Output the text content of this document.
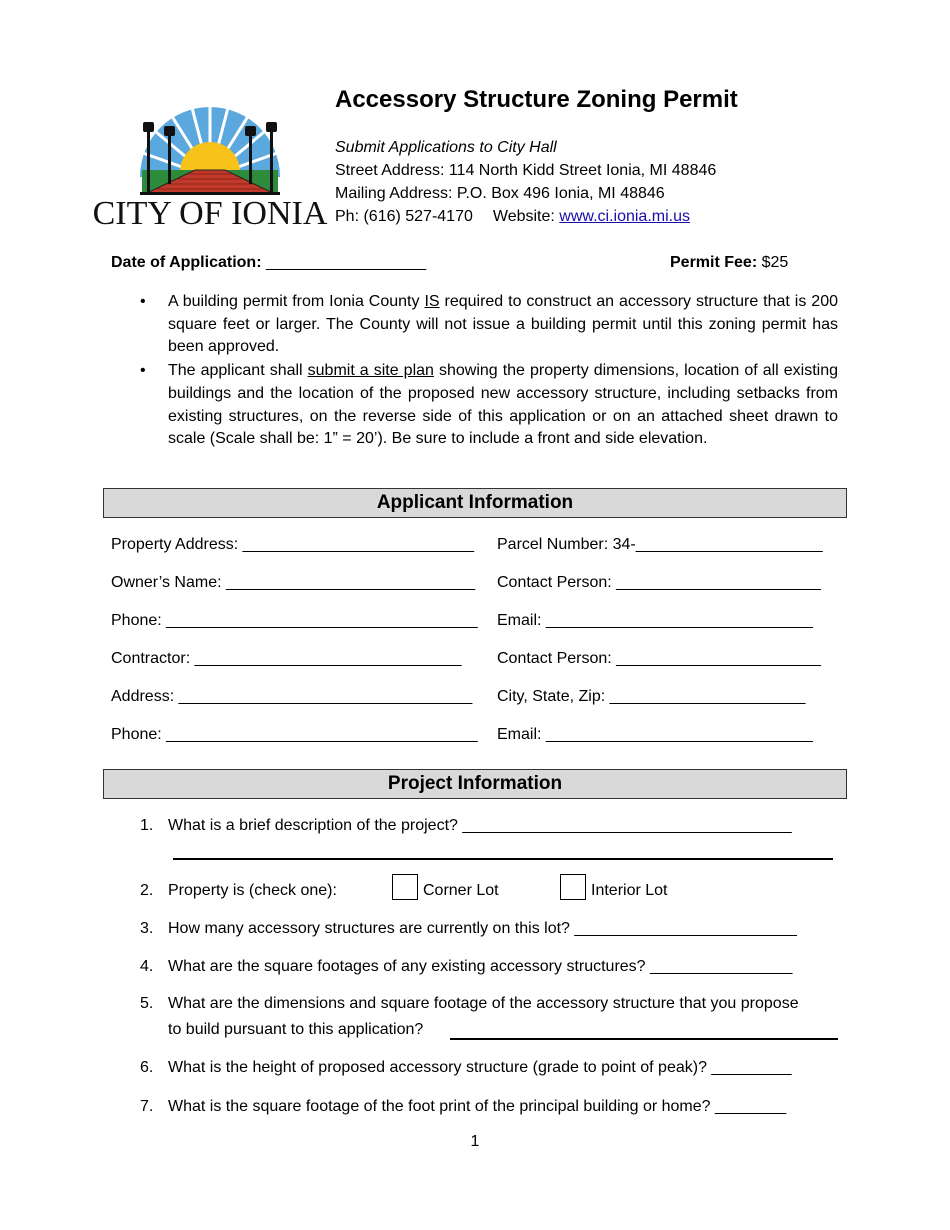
CITY OF IONIA
Accessory Structure Zoning Permit
Submit Applications to City Hall
Street Address: 114 North Kidd Street Ionia, MI 48846
Mailing Address: P.O. Box 496 Ionia, MI 48846
Ph: (616) 527-4170 Website: www.ci.ionia.mi.us
Date of Application: __________________	Permit Fee: $25
• A building permit from Ionia County IS required to construct an accessory structure that is 200 square feet or larger. The County will not issue a building permit until this zoning permit has been approved.
• The applicant shall submit a site plan showing the property dimensions, location of all existing buildings and the location of the proposed new accessory structure, including setbacks from existing structures, on the reverse side of this application or on an attached sheet drawn to scale (Scale shall be: 1” = 20’). Be sure to include a front and side elevation.
Applicant Information
Property Address: __________________________ Parcel Number: 34-_____________________
Owner’s Name: ____________________________ Contact Person: _______________________
Phone: ___________________________________ Email: ______________________________
Contractor: ______________________________ Contact Person: _______________________
Address: _________________________________ City, State, Zip: ______________________
Phone: ___________________________________ Email: ______________________________
Project Information
1. What is a brief description of the project? _____________________________________
2. Property is (check one):	Corner Lot	Interior Lot
3. How many accessory structures are currently on this lot? _________________________
4. What are the square footages of any existing accessory structures? ________________
5. What are the dimensions and square footage of the accessory structure that you propose
to build pursuant to this application?
6. What is the height of proposed accessory structure (grade to point of peak)? _________
7. What is the square footage of the foot print of the principal building or home? ________
1
